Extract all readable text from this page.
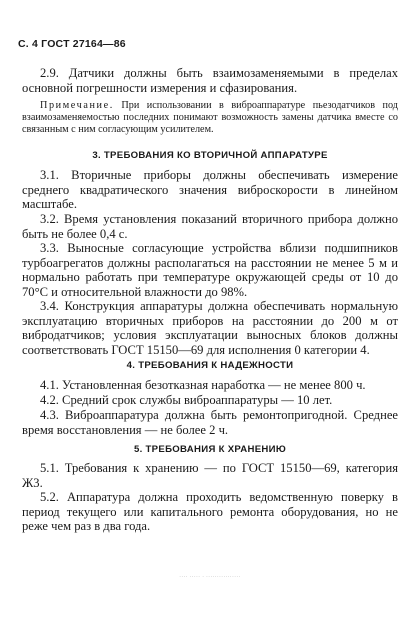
С. 4 ГОСТ 27164—86

2.9. Датчики должны быть взаимозаменяемыми в пределах основной погрешности измерения и сфазирования.

Примечание. При использовании в виброаппаратуре пьезодатчиков под взаимозаменяемостью последних понимают возможность замены датчика вместе со связанным с ним согласующим усилителем.

3. ТРЕБОВАНИЯ КО ВТОРИЧНОЙ АППАРАТУРЕ

3.1. Вторичные приборы должны обеспечивать измерение среднего квадратического значения виброскорости в линейном масштабе.

3.2. Время установления показаний вторичного прибора должно быть не более 0,4 с.

3.3. Выносные согласующие устройства вблизи подшипников турбоагрегатов должны располагаться на расстоянии не менее 5 м и нормально работать при температуре окружающей среды от 10 до 70°С и относительной влажности до 98%.

3.4. Конструкция аппаратуры должна обеспечивать нормальную эксплуатацию вторичных приборов на расстоянии до 200 м от вибродатчиков; условия эксплуатации выносных блоков должны соответствовать ГОСТ 15150—69 для исполнения 0 категории 4.

4. ТРЕБОВАНИЯ К НАДЕЖНОСТИ

4.1. Установленная безотказная наработка — не менее 800 ч.

4.2. Средний срок службы виброаппаратуры — 10 лет.

4.3. Виброаппаратура должна быть ремонтопригодной. Среднее время восстановления — не более 2 ч.

5. ТРЕБОВАНИЯ К ХРАНЕНИЮ

5.1. Требования к хранению — по ГОСТ 15150—69, категория Ж3.

5.2. Аппаратура должна проходить ведомственную поверку в период текущего или капитального ремонта оборудования, но не реже чем раз в два года.

···· ····· · ················
